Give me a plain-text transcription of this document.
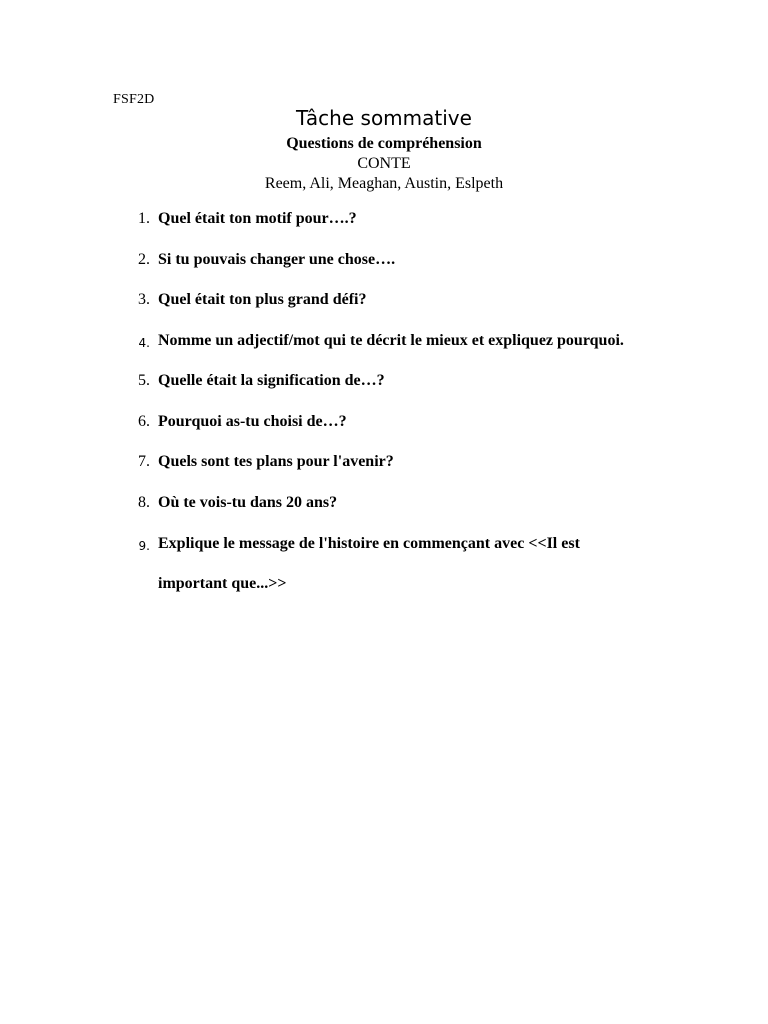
FSF2D
Tâche sommative
Questions de compréhension
CONTE
Reem, Ali, Meaghan, Austin, Eslpeth
1. Quel était ton motif pour….?
2. Si tu pouvais changer une chose….
3. Quel était ton plus grand défi?
4. Nomme un adjectif/mot qui te décrit le mieux et expliquez pourquoi.
5. Quelle était la signification de…?
6. Pourquoi as-tu choisi de…?
7. Quels sont tes plans pour l'avenir?
8. Où te vois-tu dans 20 ans?
9. Explique le message de l'histoire en commençant avec <<Il est
important que...>>
